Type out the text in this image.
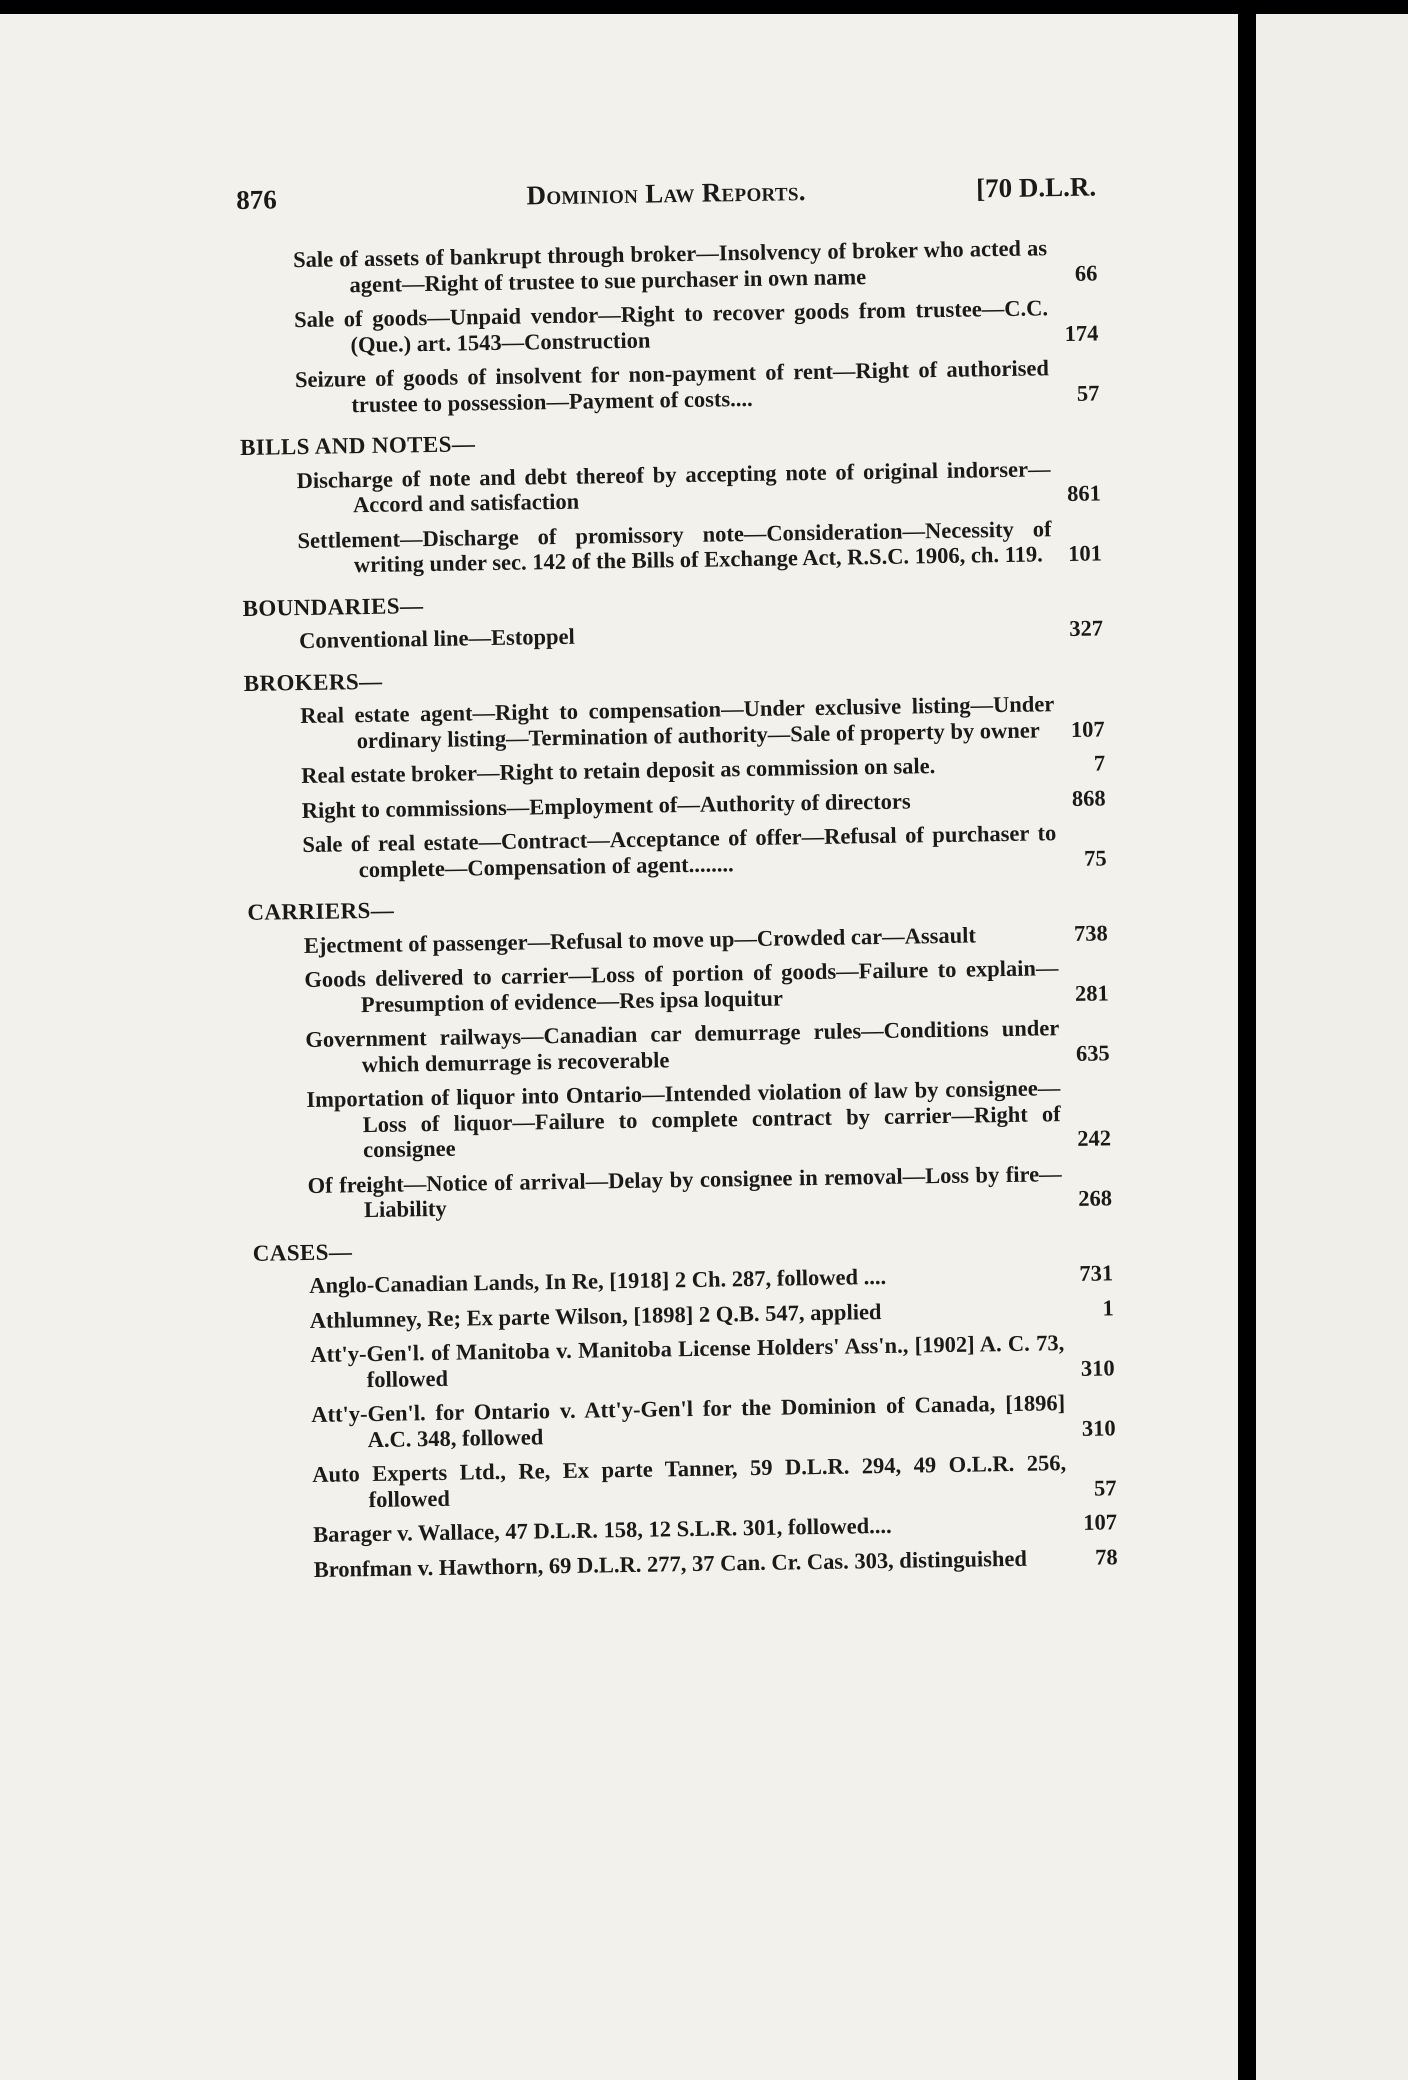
876	Dominion Law Reports.	[70 D.L.R.
Sale of assets of bankrupt through broker—Insolvency of broker who acted as agent—Right of trustee to sue purchaser in own name	66
Sale of goods—Unpaid vendor—Right to recover goods from trustee—C.C. (Que.) art. 1543—Construction	174
Seizure of goods of insolvent for non-payment of rent—Right of authorised trustee to possession—Payment of costs....	57
BILLS AND NOTES—
Discharge of note and debt thereof by accepting note of original indorser—Accord and satisfaction	861
Settlement—Discharge of promissory note—Consideration—Necessity of writing under sec. 142 of the Bills of Exchange Act, R.S.C. 1906, ch. 119.	101
BOUNDARIES—
Conventional line—Estoppel	327
BROKERS—
Real estate agent—Right to compensation—Under exclusive listing—Under ordinary listing—Termination of authority—Sale of property by owner	107
Real estate broker—Right to retain deposit as commission on sale.	7
Right to commissions—Employment of—Authority of directors	868
Sale of real estate—Contract—Acceptance of offer—Refusal of purchaser to complete—Compensation of agent........	75
CARRIERS—
Ejectment of passenger—Refusal to move up—Crowded car—Assault	738
Goods delivered to carrier—Loss of portion of goods—Failure to explain—Presumption of evidence—Res ipsa loquitur	281
Government railways—Canadian car demurrage rules—Conditions under which demurrage is recoverable	635
Importation of liquor into Ontario—Intended violation of law by consignee—Loss of liquor—Failure to complete contract by carrier—Right of consignee	242
Of freight—Notice of arrival—Delay by consignee in removal—Loss by fire—Liability	268
CASES—
Anglo-Canadian Lands, In Re, [1918] 2 Ch. 287, followed ....	731
Athlumney, Re; Ex parte Wilson, [1898] 2 Q.B. 547, applied	1
Att'y-Gen'l. of Manitoba v. Manitoba License Holders' Ass'n., [1902] A. C. 73, followed	310
Att'y-Gen'l. for Ontario v. Att'y-Gen'l for the Dominion of Canada, [1896] A.C. 348, followed	310
Auto Experts Ltd., Re, Ex parte Tanner, 59 D.L.R. 294, 49 O.L.R. 256, followed	57
Barager v. Wallace, 47 D.L.R. 158, 12 S.L.R. 301, followed....	107
Bronfman v. Hawthorn, 69 D.L.R. 277, 37 Can. Cr. Cas. 303, distinguished	78
